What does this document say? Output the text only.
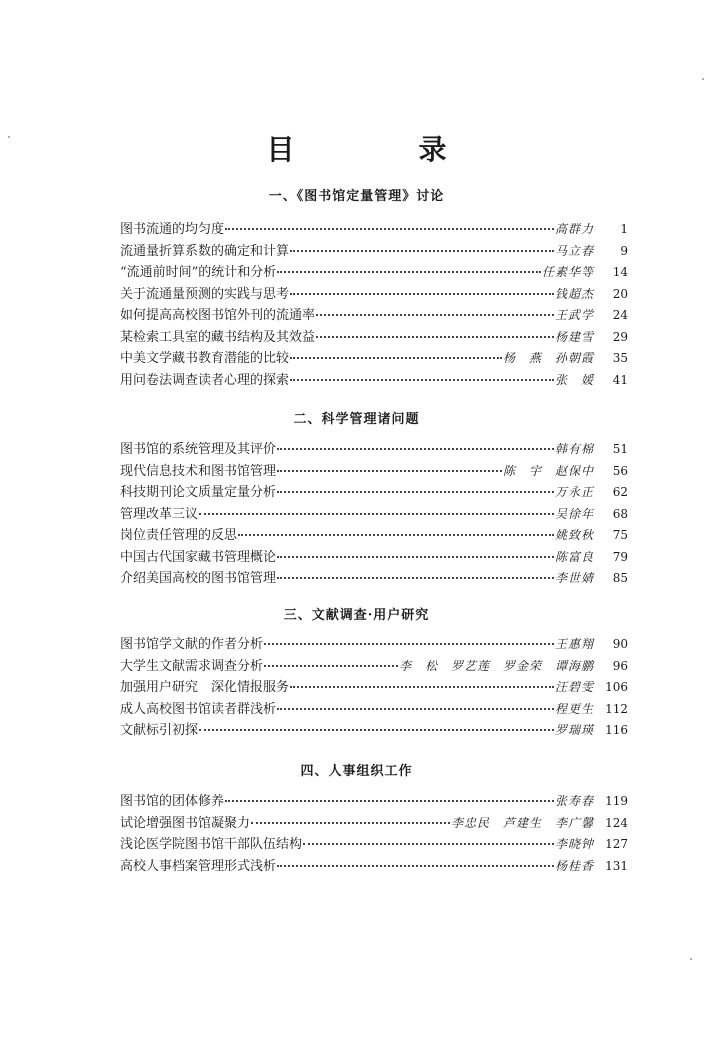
目　录
一、《图书馆定量管理》讨论
图书流通的均匀度	高群力	1
流通量折算系数的确定和计算	马立春	9
“流通前时间”的统计和分析	任素华等	14
关于流通量预测的实践与思考	钱超杰	20
如何提高高校图书馆外刊的流通率	王武学	24
某检索工具室的藏书结构及其效益	杨建雪	29
中美文学藏书教育潜能的比较	杨　燕　孙朝霞	35
用问卷法调查读者心理的探索	张　媛	41
二、科学管理诸问题
图书馆的系统管理及其评价	韩有棉	51
现代信息技术和图书馆管理	陈　宇　赵保中	56
科技期刊论文质量定量分析	万永正	62
管理改革三议	吴徐年	68
岗位责任管理的反思	姚致秋	75
中国古代国家藏书管理概论	陈富良	79
介绍美国高校的图书馆管理	李世婧	85
三、文献调查·用户研究
图书馆学文献的作者分析	王惠翔	90
大学生文献需求调查分析	李　松　罗艺莲　罗金荣　谭海鹏	96
加强用户研究　深化情报服务	汪碧雯 106
成人高校图书馆读者群浅析	程更生 112
文献标引初探	罗瑞瑛 116
四、人事组织工作
图书馆的团体修养	张寿春 119
试论增强图书馆凝聚力	李忠民　芦建生　李广馨 124
浅论医学院图书馆干部队伍结构	李晓钟 127
高校人事档案管理形式浅析	杨桂香 131
